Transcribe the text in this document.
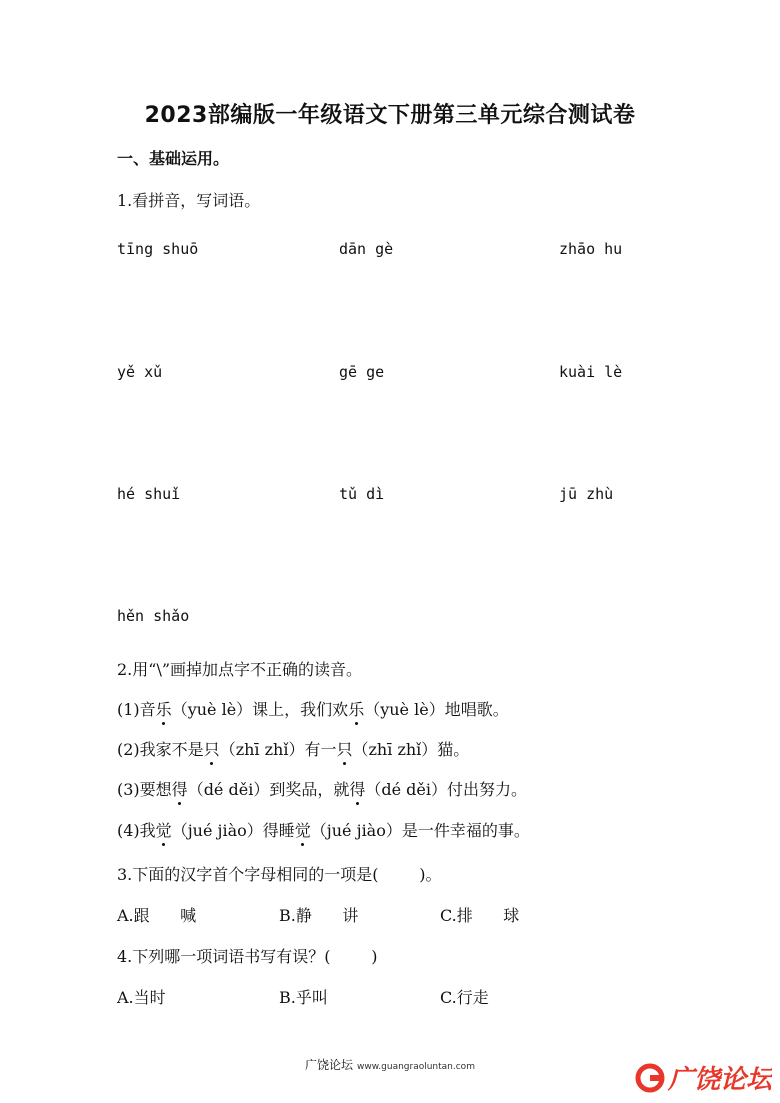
2023部编版一年级语文下册第三单元综合测试卷
一、基础运用。
1.看拼音，写词语。
tīng shuō	dān gè	zhāo hu
yě xǔ	gē ge	kuài lè
hé shuǐ	tǔ dì	jū zhù
hěn shǎo
2.用“\”画掉加点字不正确的读音。
(1)音乐（yuè lè）课上，我们欢乐（yuè lè）地唱歌。
(2)我家不是只（zhī zhǐ）有一只（zhī zhǐ）猫。
(3)要想得（dé děi）到奖品，就得（dé děi）付出努力。
(4)我觉（jué jiào）得睡觉（jué jiào）是一件幸福的事。
3.下面的汉字首个字母相同的一项是(        )。
A.跟      喊	B.静      讲	C.排      球
4.下列哪一项词语书写有误？(        )
A.当时	B.乎叫	C.行走
广饶论坛 www.guangraoluntan.com	广饶论坛
